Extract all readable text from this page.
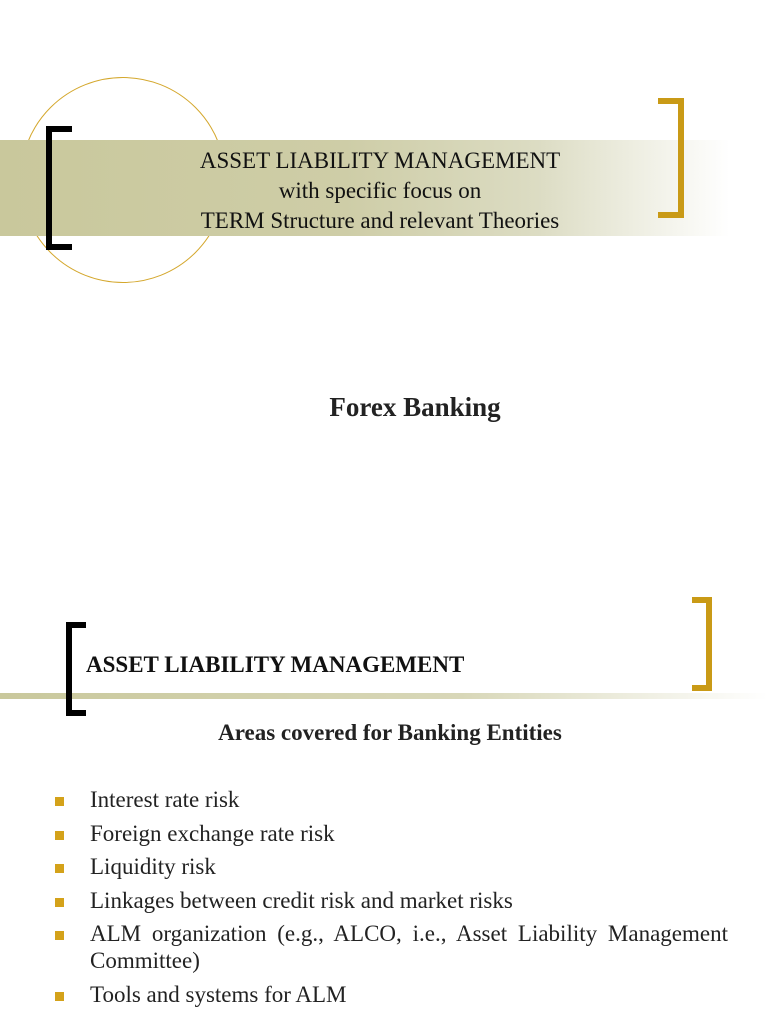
ASSET LIABILITY MANAGEMENT
with specific focus on
TERM Structure and relevant Theories
Forex Banking
ASSET LIABILITY MANAGEMENT
Areas covered for Banking Entities
Interest rate risk
Foreign exchange rate risk
Liquidity risk
Linkages between credit risk and market risks
ALM organization (e.g., ALCO, i.e., Asset Liability Management Committee)
Tools and systems for ALM
